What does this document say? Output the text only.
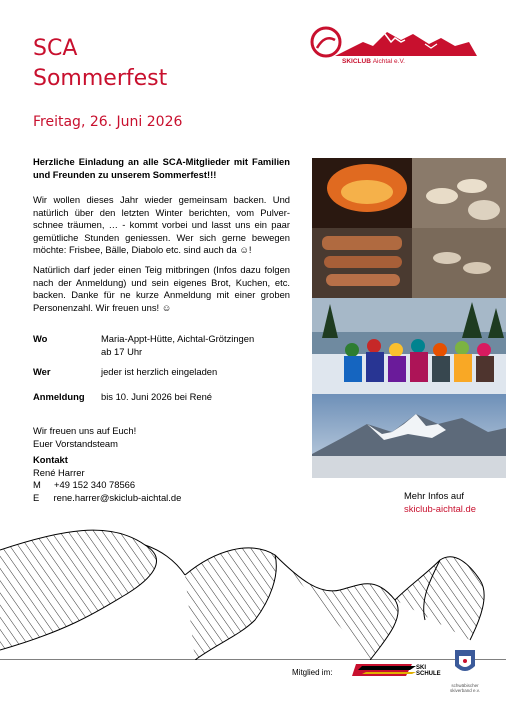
SCA
Sommerfest
Freitag, 26. Juni 2026
SKICLUB Aichtal e.V.
Herzliche Einladung an alle SCA-Mitglieder mit Familien und Freunden zu unserem Sommerfest!!!
Wir wollen dieses Jahr wieder gemeinsam backen. Und natürlich über den letzten Winter berichten, vom Pulver-schnee träumen, … - kommt vorbei und lasst uns ein paar gemütliche Stunden geniessen. Wer sich gerne bewegen möchte: Frisbee, Bälle, Diabolo etc. sind auch da ☺!
Natürlich darf jeder einen Teig mitbringen (Infos dazu folgen nach der Anmeldung) und sein eigenes Brot, Kuchen, etc. backen. Danke für ne kurze Anmeldung mit einer groben Personenzahl. Wir freuen uns! ☺
Wo	Maria-Appt-Hütte, Aichtal-Grötzingen
ab 17 Uhr
Wer	jeder ist herzlich eingeladen
Anmeldung bis 10. Juni 2026 bei René
Wir freuen uns auf Euch!
Euer Vorstandsteam
Kontakt
René Harrer
M +49 152 340 78566
E rene.harrer@skiclub-aichtal.de	Mehr Infos auf
skiclub-aichtal.de
Mitglied im:	SKI SCHULE
schwäbischer skiverband e.v.
